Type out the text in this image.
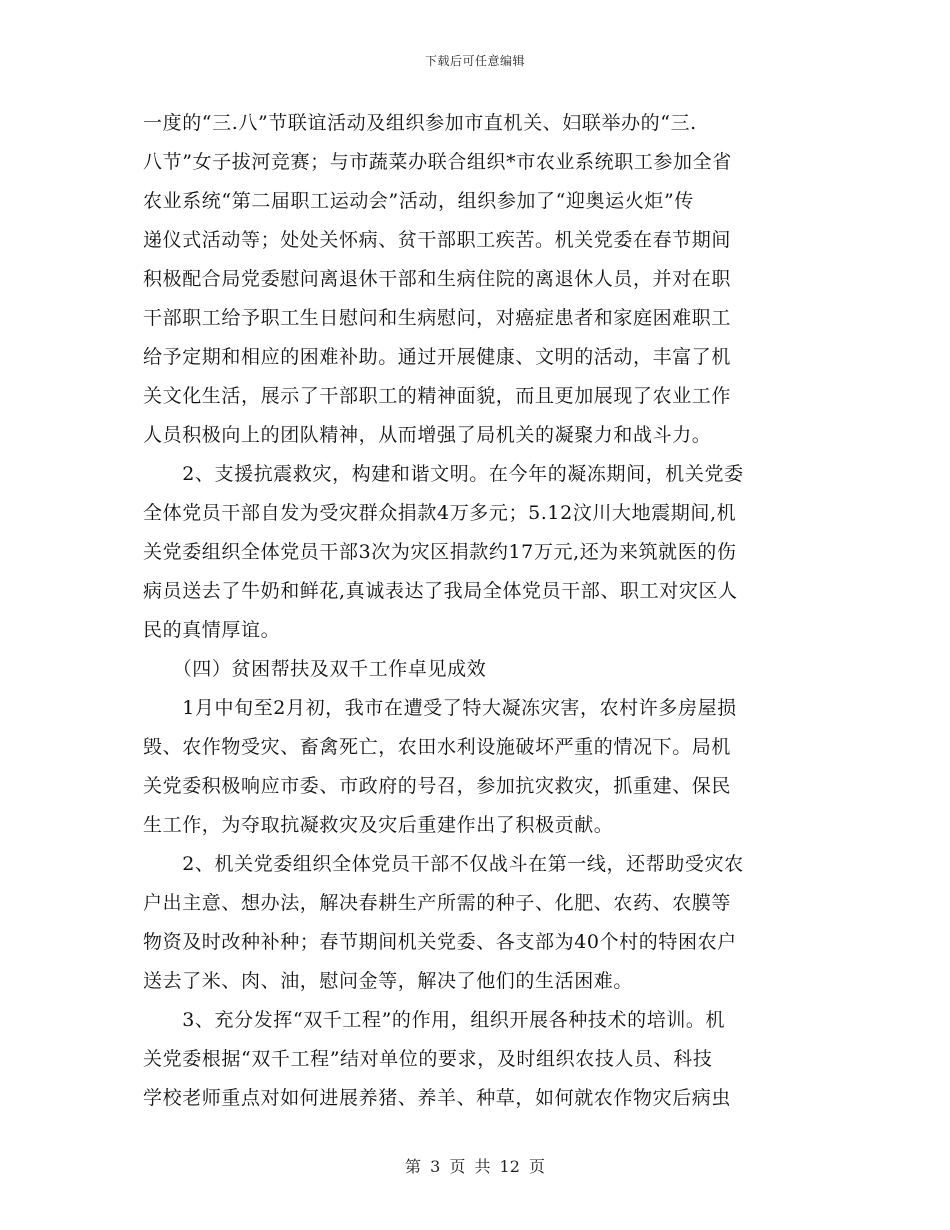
下载后可任意编辑
一度的“三.八”节联谊活动及组织参加市直机关、妇联举办的“三.
八节”女子拔河竞赛；与市蔬菜办联合组织*市农业系统职工参加全省
农业系统“第二届职工运动会”活动，组织参加了“迎奥运火炬”传
递仪式活动等；处处关怀病、贫干部职工疾苦。机关党委在春节期间
积极配合局党委慰问离退休干部和生病住院的离退休人员，并对在职
干部职工给予职工生日慰问和生病慰问，对癌症患者和家庭困难职工
给予定期和相应的困难补助。通过开展健康、文明的活动，丰富了机
关文化生活，展示了干部职工的精神面貌，而且更加展现了农业工作
人员积极向上的团队精神，从而增强了局机关的凝聚力和战斗力。
　　2、支援抗震救灾，构建和谐文明。在今年的凝冻期间，机关党委
全体党员干部自发为受灾群众捐款4万多元；5.12汶川大地震期间,机
关党委组织全体党员干部3次为灾区捐款约17万元,还为来筑就医的伤
病员送去了牛奶和鲜花,真诚表达了我局全体党员干部、职工对灾区人
民的真情厚谊。
　　（四）贫困帮扶及双千工作卓见成效
　　1月中旬至2月初，我市在遭受了特大凝冻灾害，农村许多房屋损
毁、农作物受灾、畜禽死亡，农田水利设施破坏严重的情况下。局机
关党委积极响应市委、市政府的号召，参加抗灾救灾，抓重建、保民
生工作，为夺取抗凝救灾及灾后重建作出了积极贡献。
　　2、机关党委组织全体党员干部不仅战斗在第一线，还帮助受灾农
户出主意、想办法，解决春耕生产所需的种子、化肥、农药、农膜等
物资及时改种补种；春节期间机关党委、各支部为40个村的特困农户
送去了米、肉、油，慰问金等，解决了他们的生活困难。
　　3、充分发挥“双千工程”的作用，组织开展各种技术的培训。机
关党委根据“双千工程”结对单位的要求，及时组织农技人员、科技
学校老师重点对如何进展养猪、养羊、种草，如何就农作物灾后病虫
第 3 页 共 12 页
